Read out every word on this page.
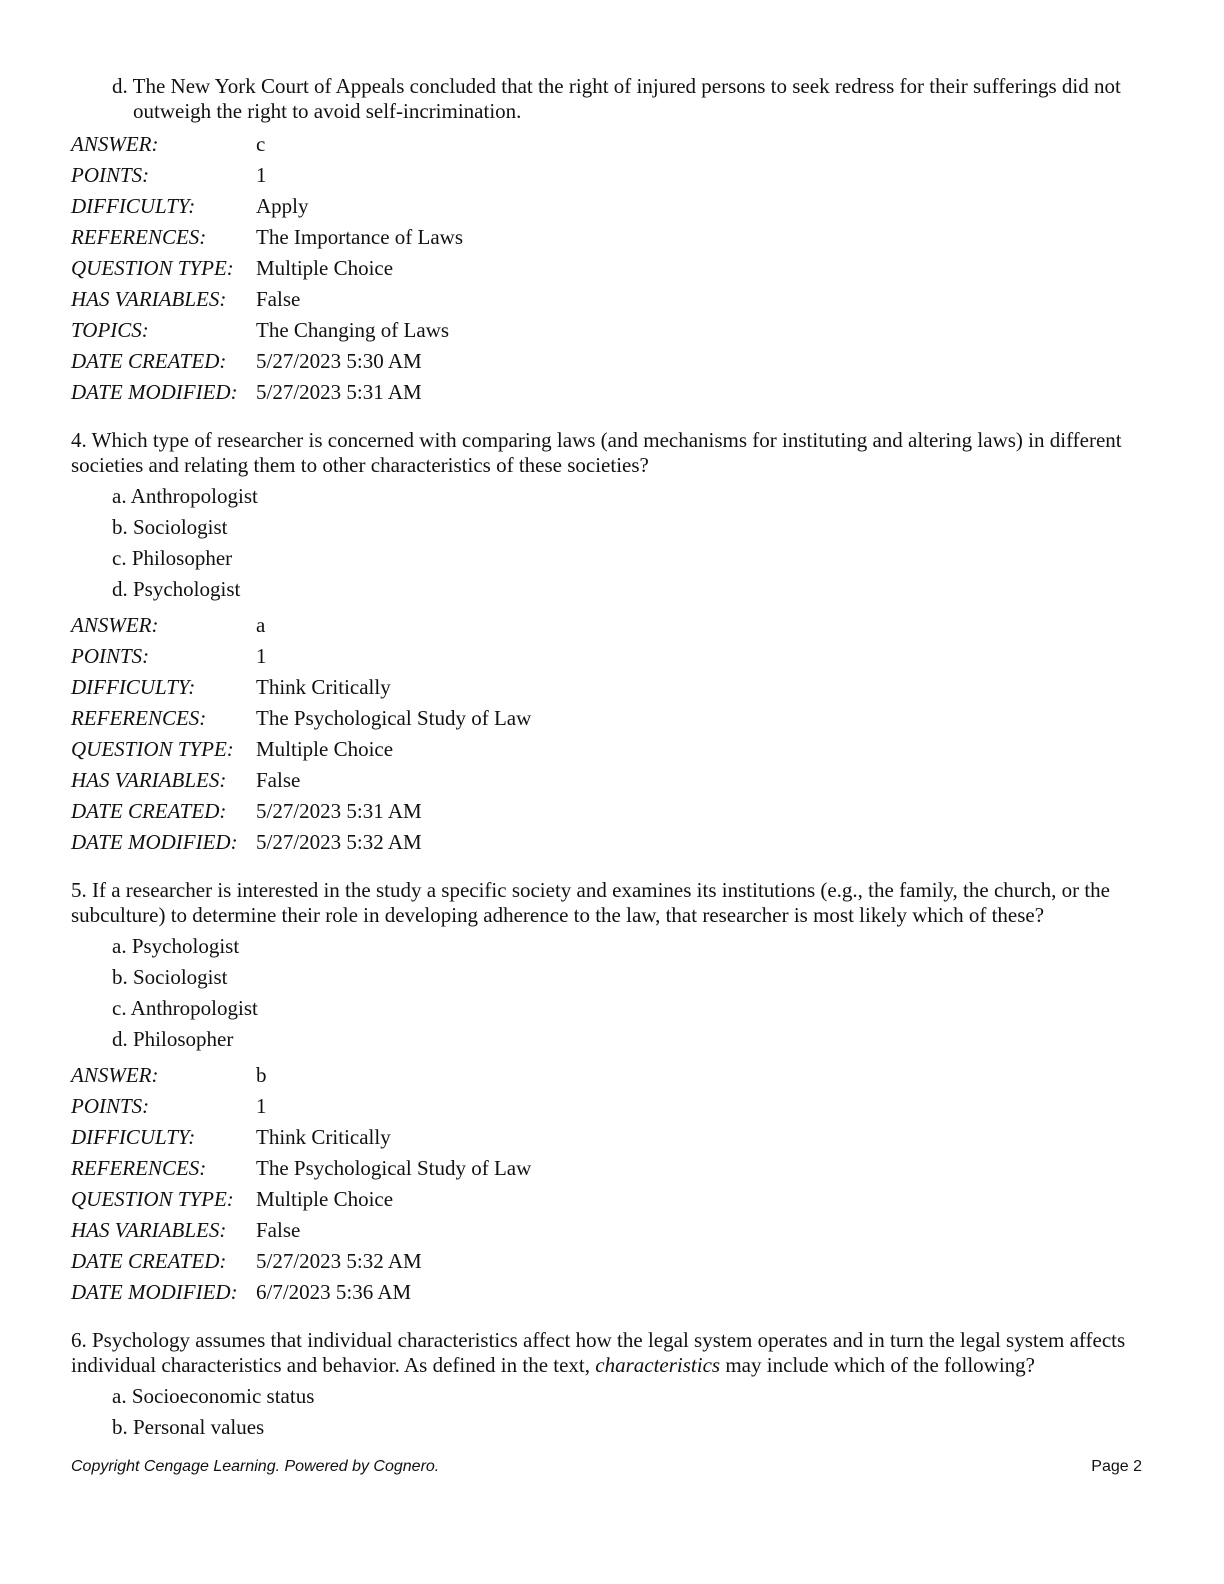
d. The New York Court of Appeals concluded that the right of injured persons to seek redress for their sufferings did not outweigh the right to avoid self-incrimination.
ANSWER:	c
POINTS:	1
DIFFICULTY:	Apply
REFERENCES:	The Importance of Laws
QUESTION TYPE:	Multiple Choice
HAS VARIABLES:	False
TOPICS:	The Changing of Laws
DATE CREATED:	5/27/2023 5:30 AM
DATE MODIFIED: 5/27/2023 5:31 AM
4. Which type of researcher is concerned with comparing laws (and mechanisms for instituting and altering laws) in different societies and relating them to other characteristics of these societies?
a. Anthropologist
b. Sociologist
c. Philosopher
d. Psychologist
ANSWER:	a
POINTS:	1
DIFFICULTY:	Think Critically
REFERENCES:	The Psychological Study of Law
QUESTION TYPE:	Multiple Choice
HAS VARIABLES:	False
DATE CREATED:	5/27/2023 5:31 AM
DATE MODIFIED: 5/27/2023 5:32 AM
5. If a researcher is interested in the study a specific society and examines its institutions (e.g., the family, the church, or the subculture) to determine their role in developing adherence to the law, that researcher is most likely which of these?
a. Psychologist
b. Sociologist
c. Anthropologist
d. Philosopher
ANSWER:	b
POINTS:	1
DIFFICULTY:	Think Critically
REFERENCES:	The Psychological Study of Law
QUESTION TYPE:	Multiple Choice
HAS VARIABLES:	False
DATE CREATED:	5/27/2023 5:32 AM
DATE MODIFIED: 6/7/2023 5:36 AM
6. Psychology assumes that individual characteristics affect how the legal system operates and in turn the legal system affects individual characteristics and behavior. As defined in the text, characteristics may include which of the following?
a. Socioeconomic status
b. Personal values
Copyright Cengage Learning. Powered by Cognero.	Page 2
